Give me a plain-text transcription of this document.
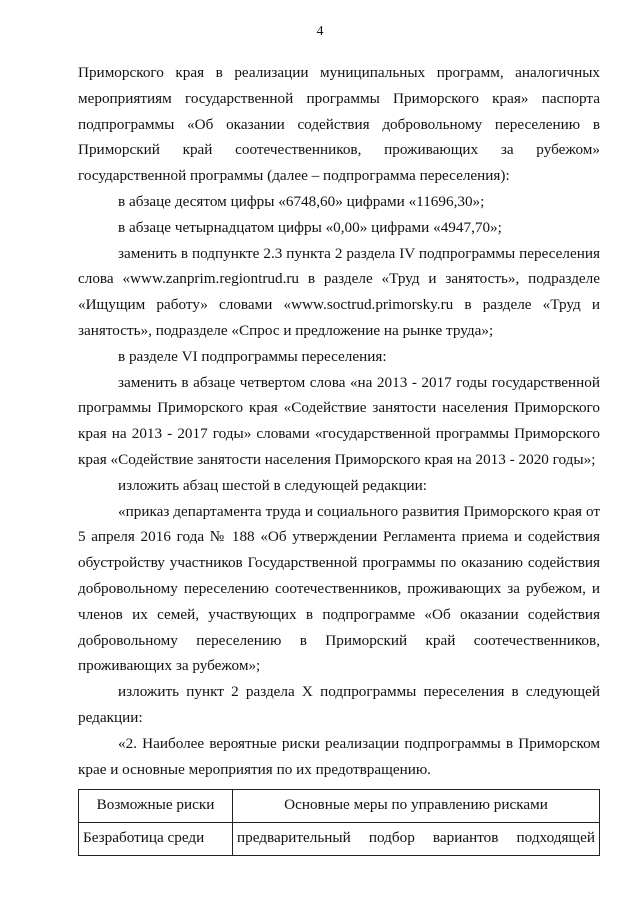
4

Приморского края в реализации муниципальных программ, аналогичных мероприятиям государственной программы Приморского края» паспорта подпрограммы «Об оказании содействия добровольному переселению в Приморский край соотечественников, проживающих за рубежом» государственной программы (далее – подпрограмма переселения):

в абзаце десятом цифры «6748,60» цифрами «11696,30»;

в абзаце четырнадцатом цифры «0,00» цифрами «4947,70»;

заменить в подпункте 2.3 пункта 2 раздела IV подпрограммы переселения слова «www.zanprim.regiontrud.ru в разделе «Труд и занятость», подразделе «Ищущим работу» словами «www.soctrud.primorsky.ru в разделе «Труд и занятость», подразделе «Спрос и предложение на рынке труда»;

в разделе VI подпрограммы переселения:

заменить в абзаце четвертом слова «на 2013 - 2017 годы государственной программы Приморского края «Содействие занятости населения Приморского края на 2013 - 2017 годы» словами «государственной программы Приморского края «Содействие занятости населения Приморского края на 2013 - 2020 годы»;

изложить абзац шестой в следующей редакции:

«приказ департамента труда и социального развития Приморского края от 5 апреля 2016 года № 188 «Об утверждении Регламента приема и содействия обустройству участников Государственной программы по оказанию содействия добровольному переселению соотечественников, проживающих за рубежом, и членов их семей, участвующих в подпрограмме «Об оказании содействия добровольному переселению в Приморский край соотечественников, проживающих за рубежом»;

изложить пункт 2 раздела X подпрограммы переселения в следующей редакции:

«2. Наиболее вероятные риски реализации подпрограммы в Приморском крае и основные мероприятия по их предотвращению.

Возможные риски	Основные меры по управлению рисками
Безработица среди	предварительный подбор вариантов подходящей
